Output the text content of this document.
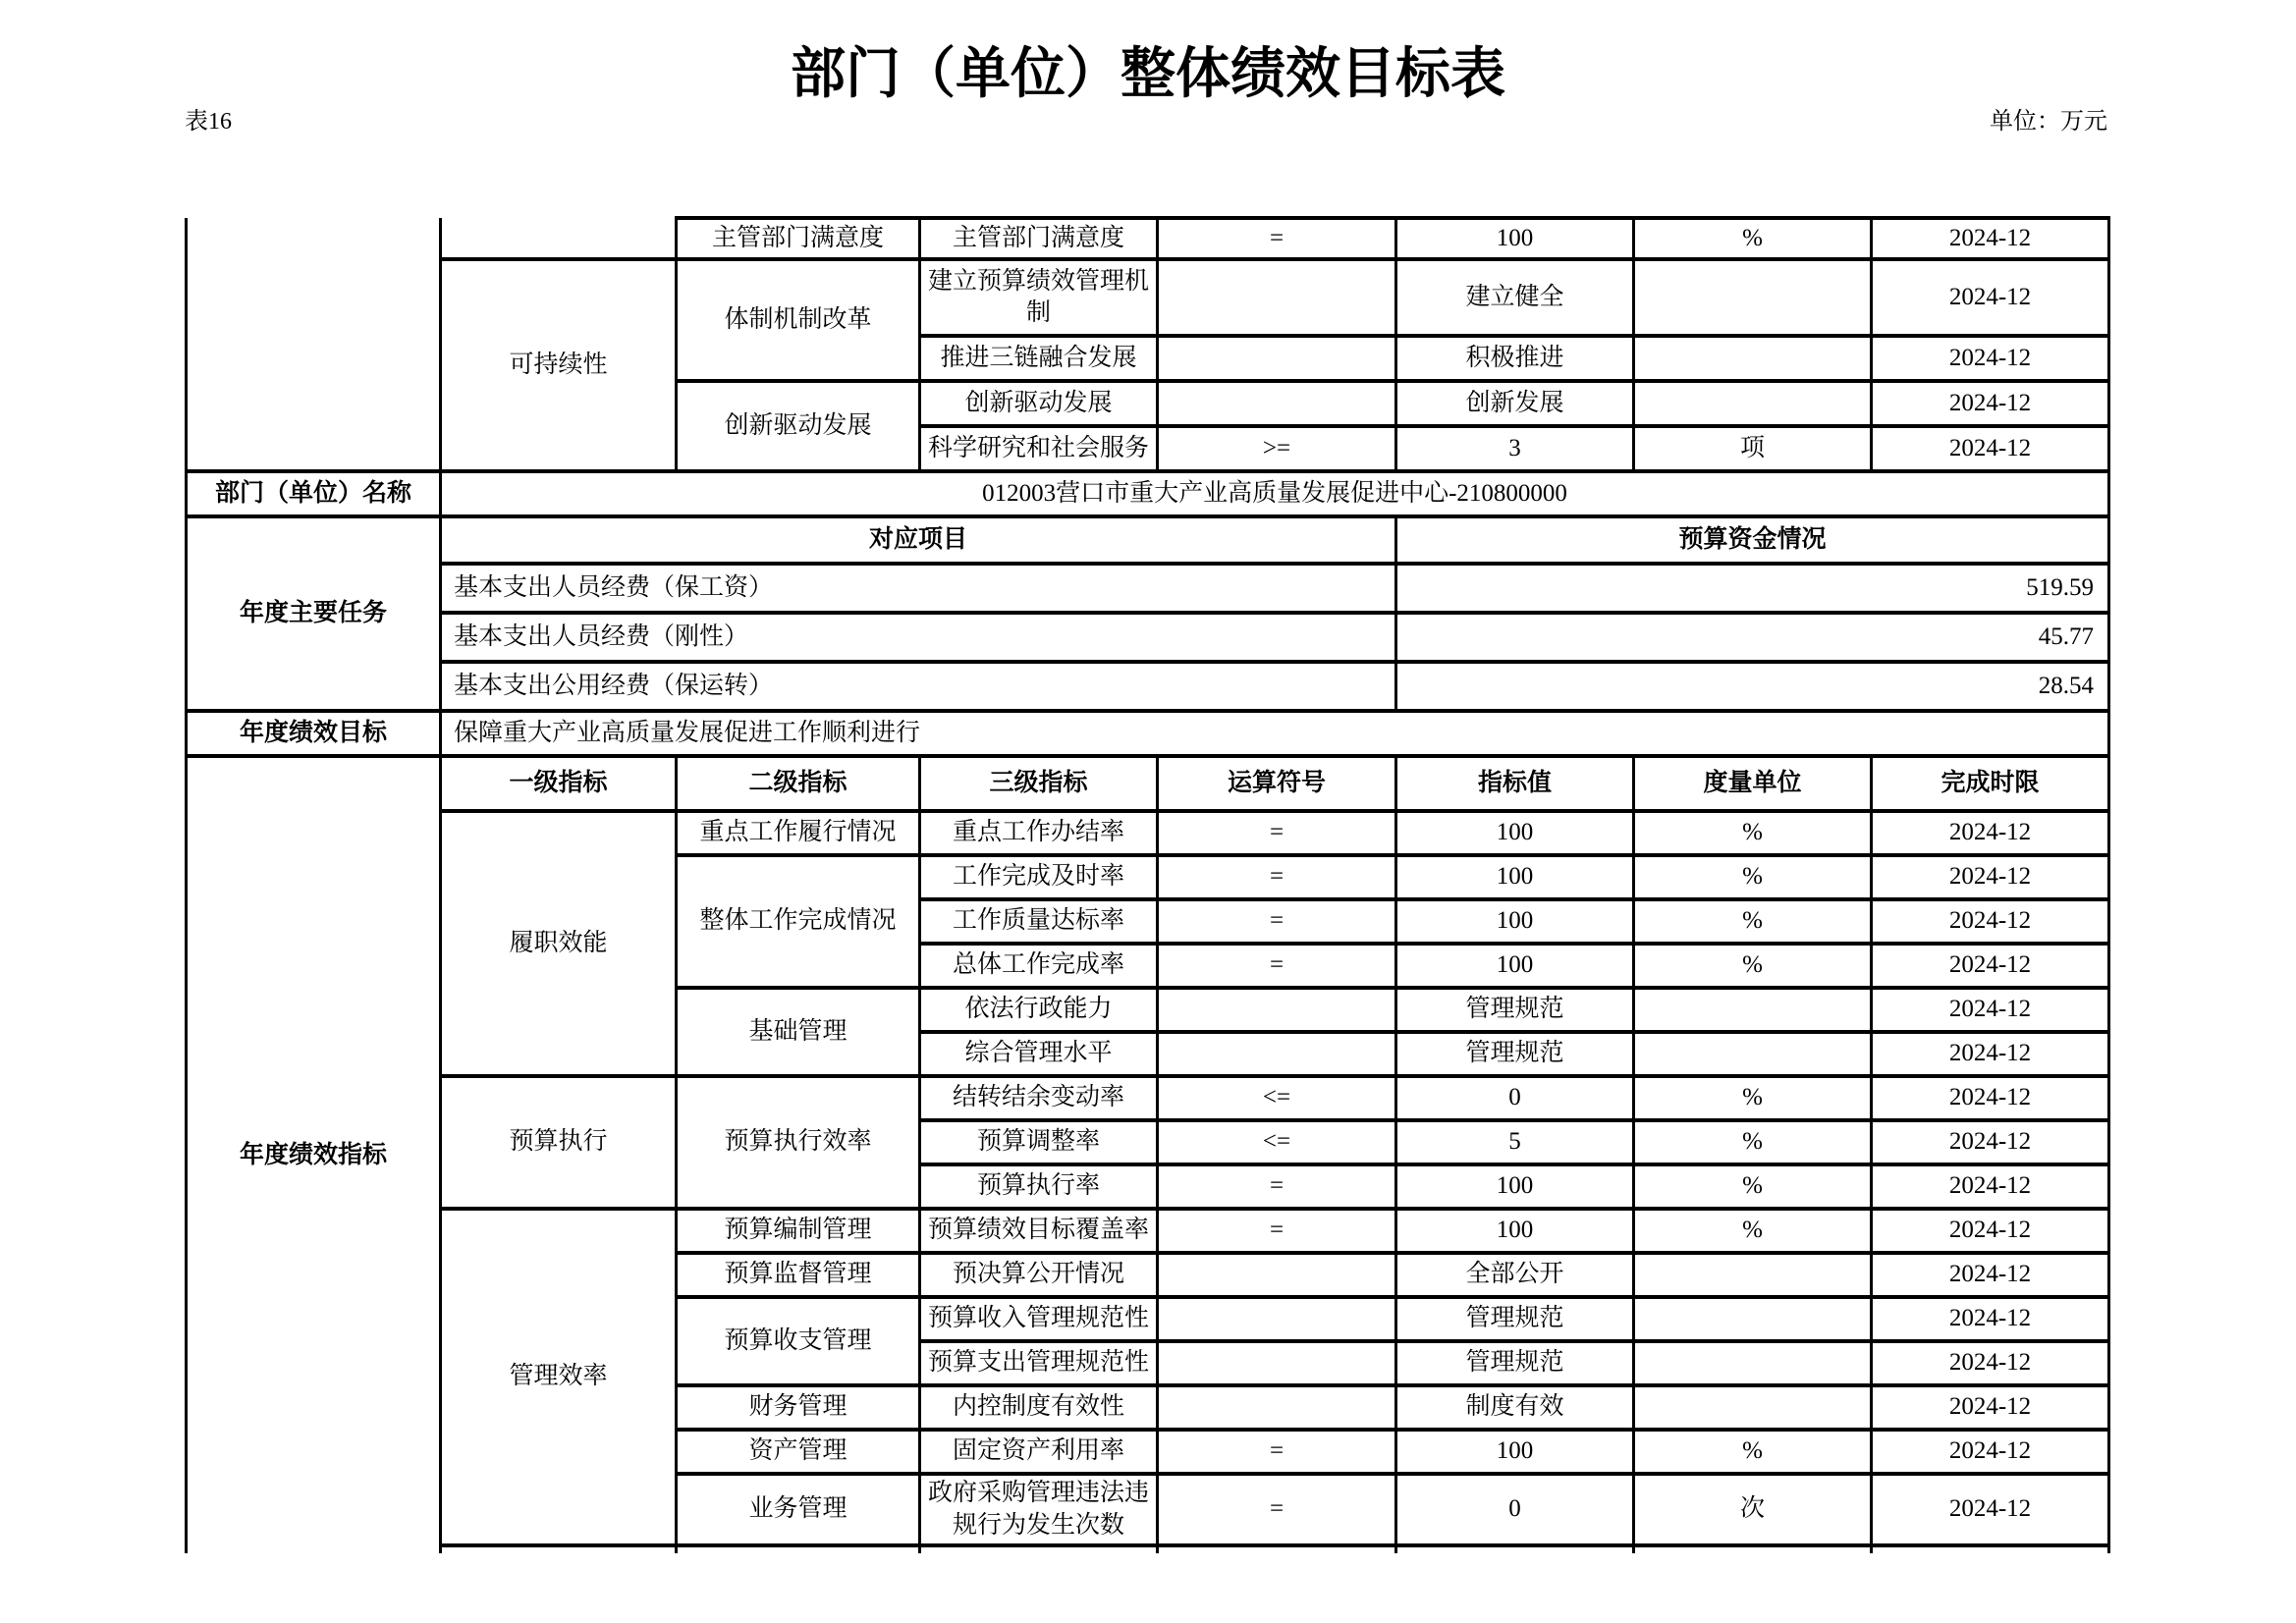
部门（单位）整体绩效目标表
表16	单位：万元
		主管部门满意度	主管部门满意度	=	100	%	2024-12
	可持续性	体制机制改革	建立预算绩效管理机制		建立健全		2024-12
			推进三链融合发展		积极推进		2024-12
		创新驱动发展	创新驱动发展		创新发展		2024-12
			科学研究和社会服务	>=	3	项	2024-12
部门（单位）名称	012003营口市重大产业高质量发展促进中心-210800000						
年度主要任务	对应项目				预算资金情况		
	基本支出人员经费（保工资）				519.59		
	基本支出人员经费（刚性）				45.77		
	基本支出公用经费（保运转）				28.54		
年度绩效目标	保障重大产业高质量发展促进工作顺利进行						
年度绩效指标	一级指标	二级指标	三级指标	运算符号	指标值	度量单位	完成时限
	履职效能	重点工作履行情况	重点工作办结率	=	100	%	2024-12
		整体工作完成情况	工作完成及时率	=	100	%	2024-12
			工作质量达标率	=	100	%	2024-12
			总体工作完成率	=	100	%	2024-12
		基础管理	依法行政能力		管理规范		2024-12
			综合管理水平		管理规范		2024-12
	预算执行	预算执行效率	结转结余变动率	<=	0	%	2024-12
			预算调整率	<=	5	%	2024-12
			预算执行率	=	100	%	2024-12
	管理效率	预算编制管理	预算绩效目标覆盖率	=	100	%	2024-12
		预算监督管理	预决算公开情况		全部公开		2024-12
		预算收支管理	预算收入管理规范性		管理规范		2024-12
			预算支出管理规范性		管理规范		2024-12
		财务管理	内控制度有效性		制度有效		2024-12
		资产管理	固定资产利用率	=	100	%	2024-12
		业务管理	政府采购管理违法违规行为发生次数	=	0	次	2024-12
